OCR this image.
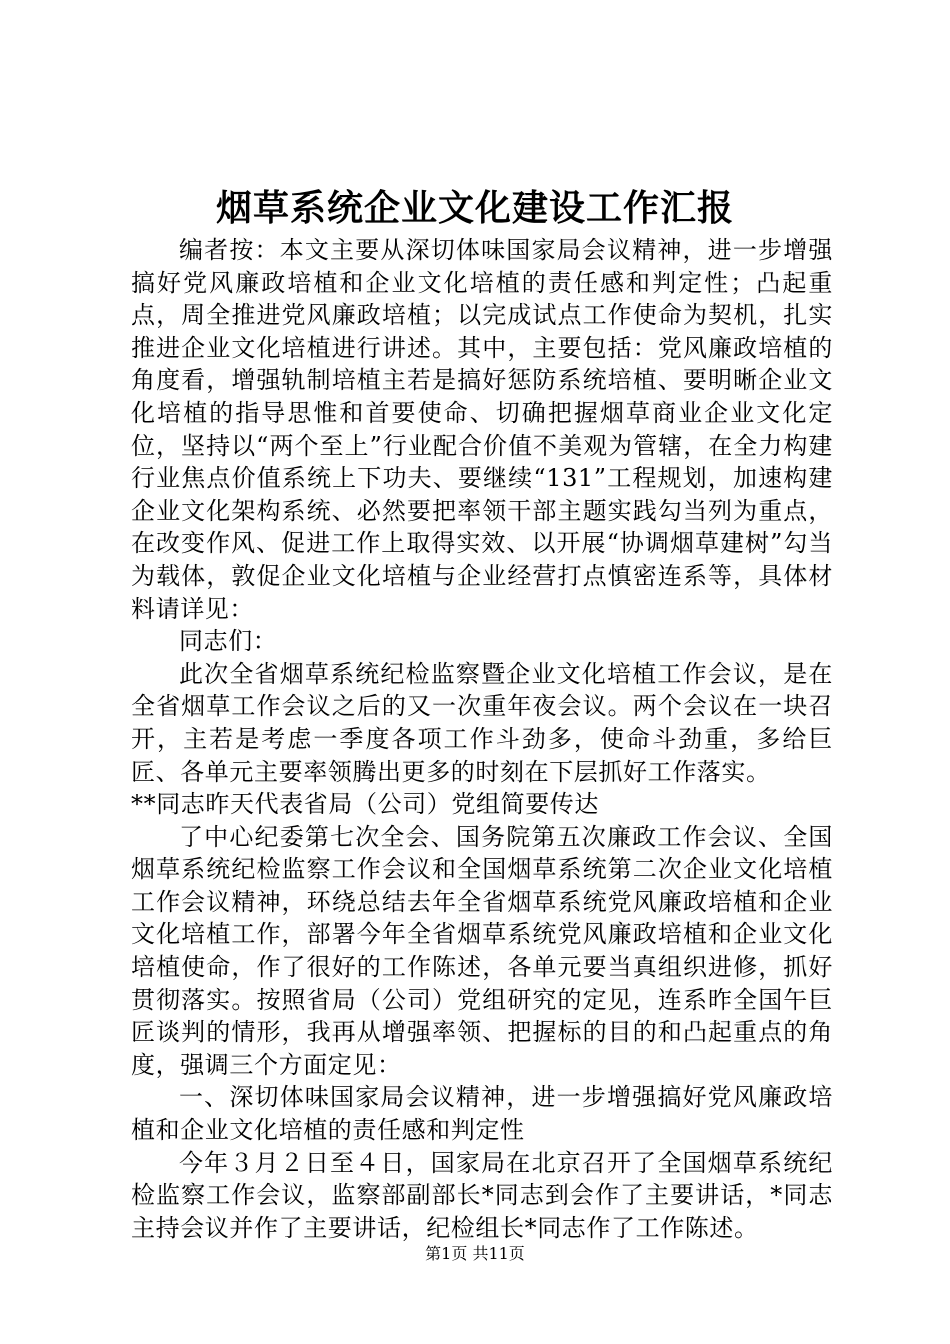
烟草系统企业文化建设工作汇报

编者按：本文主要从深切体味国家局会议精神，进一步增强搞好党风廉政培植和企业文化培植的责任感和判定性；凸起重点，周全推进党风廉政培植；以完成试点工作使命为契机，扎实推进企业文化培植进行讲述。其中，主要包括：党风廉政培植的角度看，增强轨制培植主若是搞好惩防系统培植、要明晰企业文化培植的指导思惟和首要使命、切确把握烟草商业企业文化定位，坚持以“两个至上”行业配合价值不美观为管辖，在全力构建行业焦点价值系统上下功夫、要继续“131”工程规划，加速构建企业文化架构系统、必然要把率领干部主题实践勾当列为重点，在改变作风、促进工作上取得实效、以开展“协调烟草建树”勾当为载体，敦促企业文化培植与企业经营打点慎密连系等，具体材料请详见：

同志们：

此次全省烟草系统纪检监察暨企业文化培植工作会议，是在全省烟草工作会议之后的又一次重年夜会议。两个会议在一块召开，主若是考虑一季度各项工作斗劲多，使命斗劲重，多给巨匠、各单元主要率领腾出更多的时刻在下层抓好工作落实。

**同志昨天代表省局（公司）党组简要传达

了中心纪委第七次全会、国务院第五次廉政工作会议、全国烟草系统纪检监察工作会议和全国烟草系统第二次企业文化培植工作会议精神，环绕总结去年全省烟草系统党风廉政培植和企业文化培植工作，部署今年全省烟草系统党风廉政培植和企业文化培植使命，作了很好的工作陈述，各单元要当真组织进修，抓好贯彻落实。按照省局（公司）党组研究的定见，连系昨全国午巨匠谈判的情形，我再从增强率领、把握标的目的和凸起重点的角度，强调三个方面定见：

一、深切体味国家局会议精神，进一步增强搞好党风廉政培植和企业文化培植的责任感和判定性

今年３月２日至４日，国家局在北京召开了全国烟草系统纪检监察工作会议，监察部副部长*同志到会作了主要讲话，*同志主持会议并作了主要讲话，纪检组长*同志作了工作陈述。

第1页 共11页
